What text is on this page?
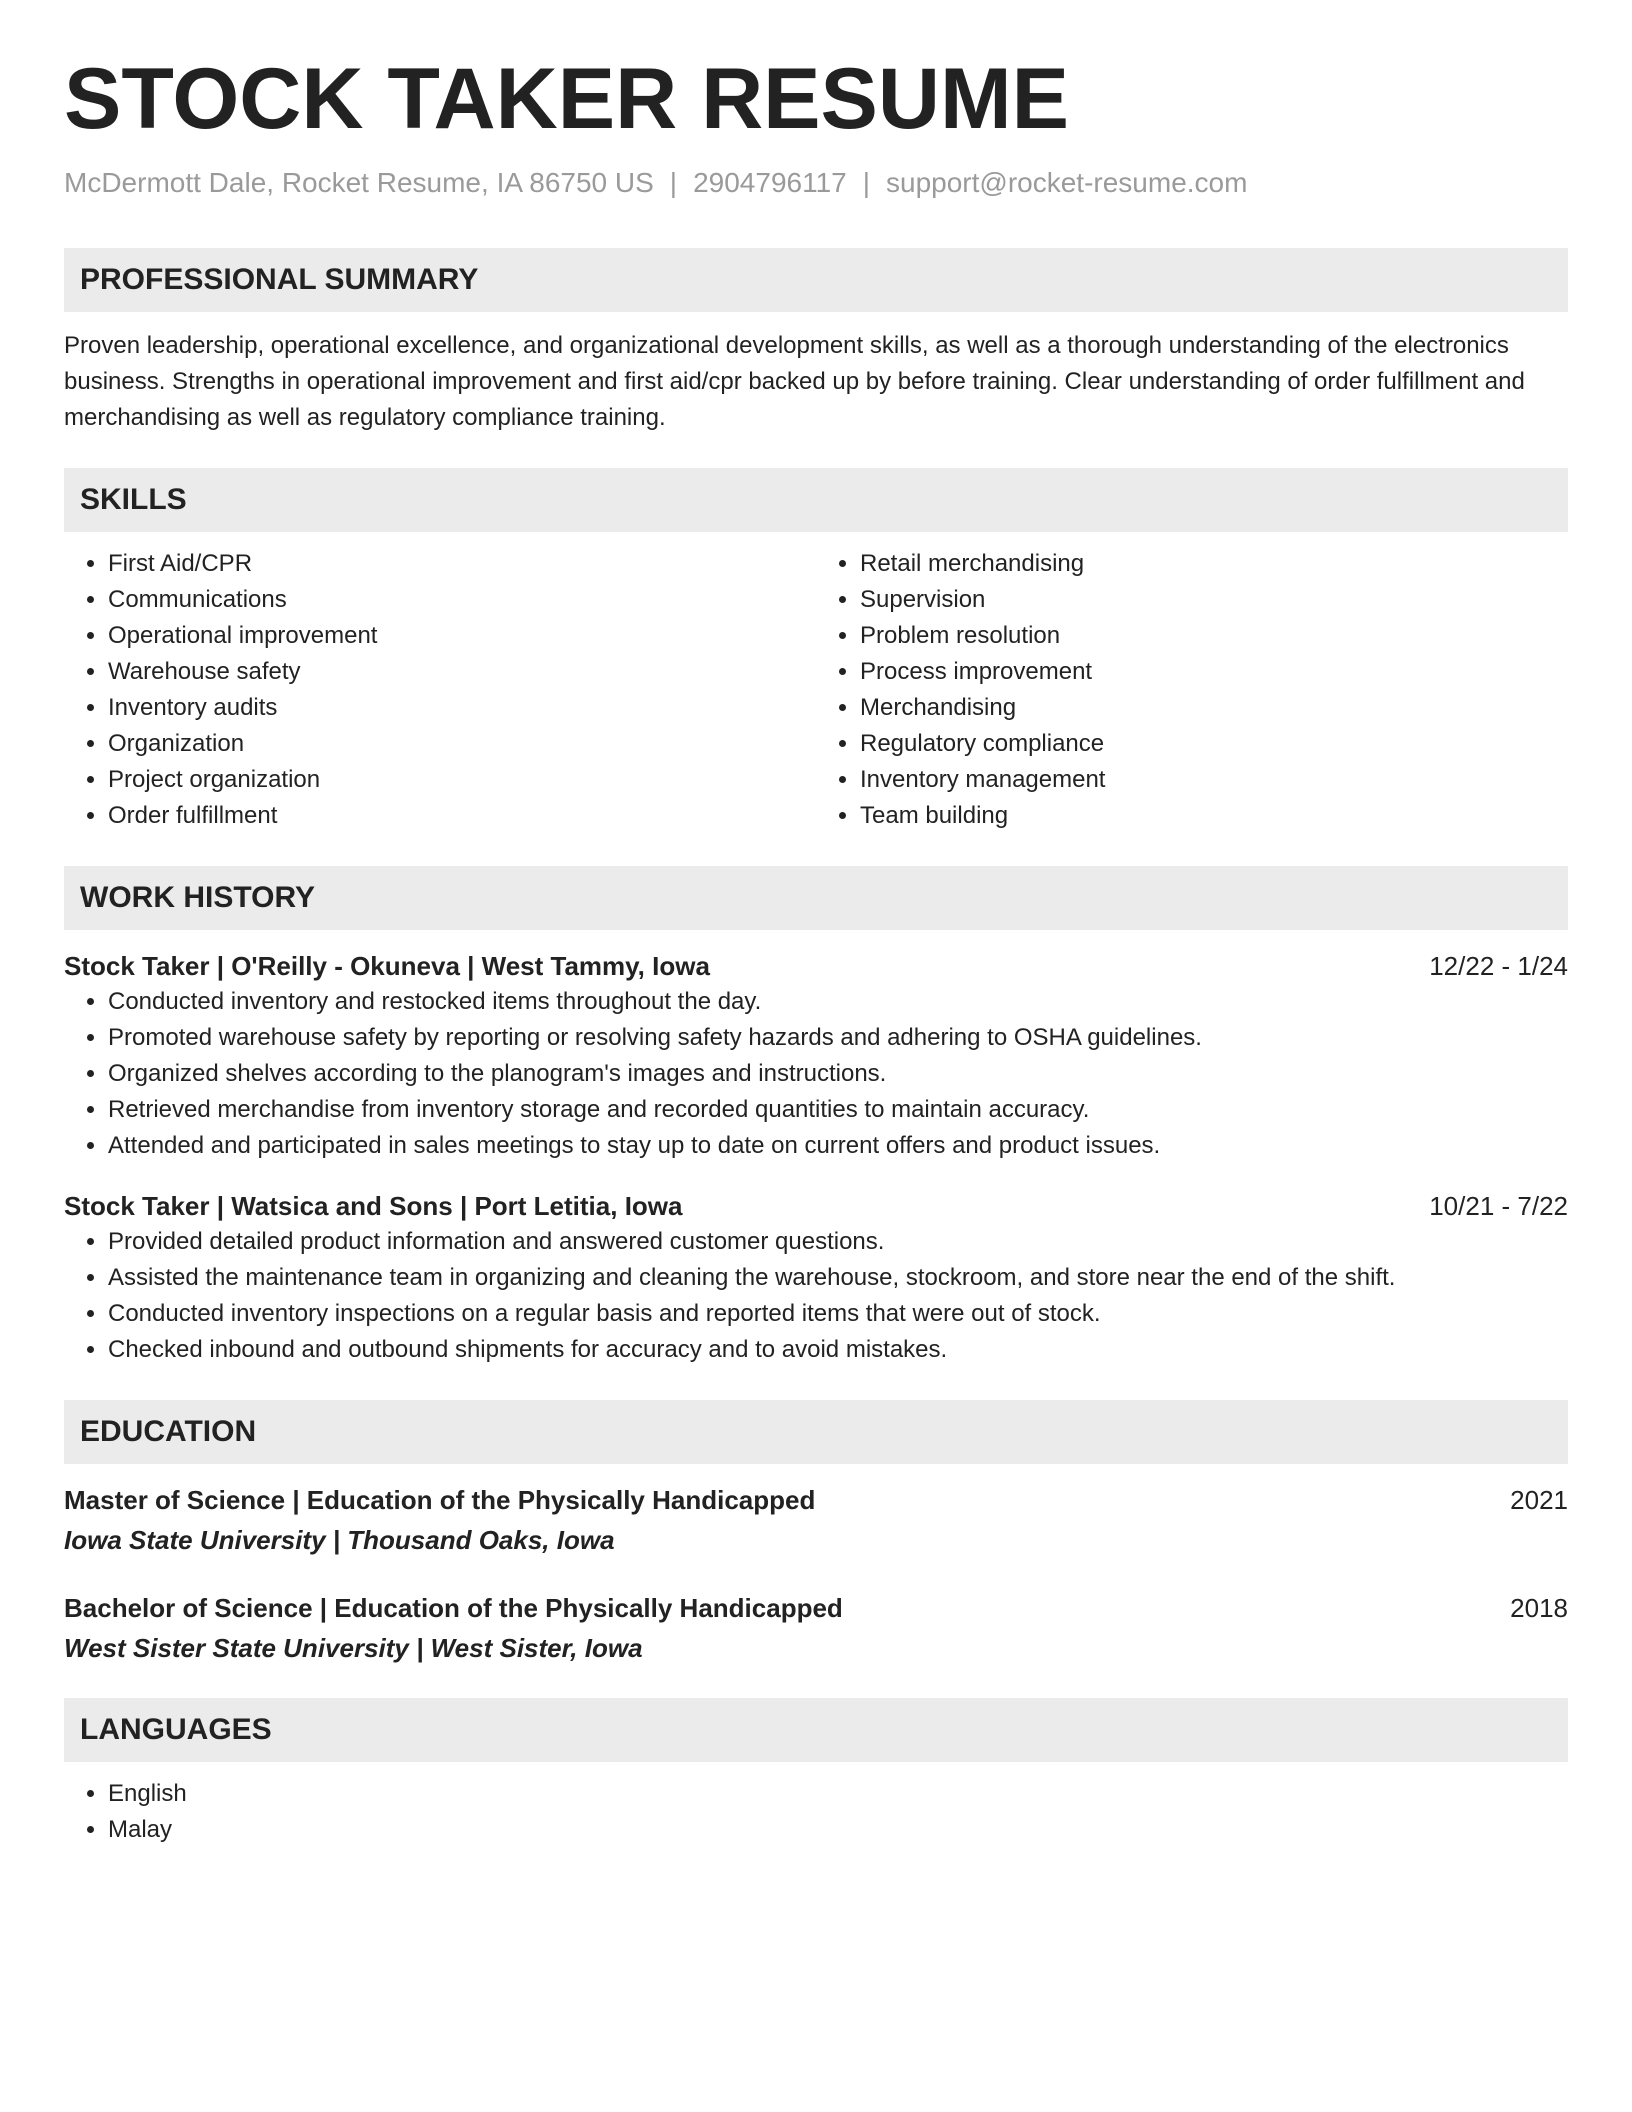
STOCK TAKER RESUME
McDermott Dale, Rocket Resume, IA 86750 US | 2904796117 | support@rocket-resume.com
PROFESSIONAL SUMMARY
Proven leadership, operational excellence, and organizational development skills, as well as a thorough understanding of the electronics business. Strengths in operational improvement and first aid/cpr backed up by before training. Clear understanding of order fulfillment and merchandising as well as regulatory compliance training.
SKILLS
• First Aid/CPR
• Communications
• Operational improvement
• Warehouse safety
• Inventory audits
• Organization
• Project organization
• Order fulfillment
• Retail merchandising
• Supervision
• Problem resolution
• Process improvement
• Merchandising
• Regulatory compliance
• Inventory management
• Team building
WORK HISTORY
Stock Taker | O'Reilly - Okuneva | West Tammy, Iowa	12/22 - 1/24
• Conducted inventory and restocked items throughout the day.
• Promoted warehouse safety by reporting or resolving safety hazards and adhering to OSHA guidelines.
• Organized shelves according to the planogram's images and instructions.
• Retrieved merchandise from inventory storage and recorded quantities to maintain accuracy.
• Attended and participated in sales meetings to stay up to date on current offers and product issues.
Stock Taker | Watsica and Sons | Port Letitia, Iowa	10/21 - 7/22
• Provided detailed product information and answered customer questions.
• Assisted the maintenance team in organizing and cleaning the warehouse, stockroom, and store near the end of the shift.
• Conducted inventory inspections on a regular basis and reported items that were out of stock.
• Checked inbound and outbound shipments for accuracy and to avoid mistakes.
EDUCATION
Master of Science | Education of the Physically Handicapped	2021
Iowa State University | Thousand Oaks, Iowa
Bachelor of Science | Education of the Physically Handicapped	2018
West Sister State University | West Sister, Iowa
LANGUAGES
• English
• Malay
